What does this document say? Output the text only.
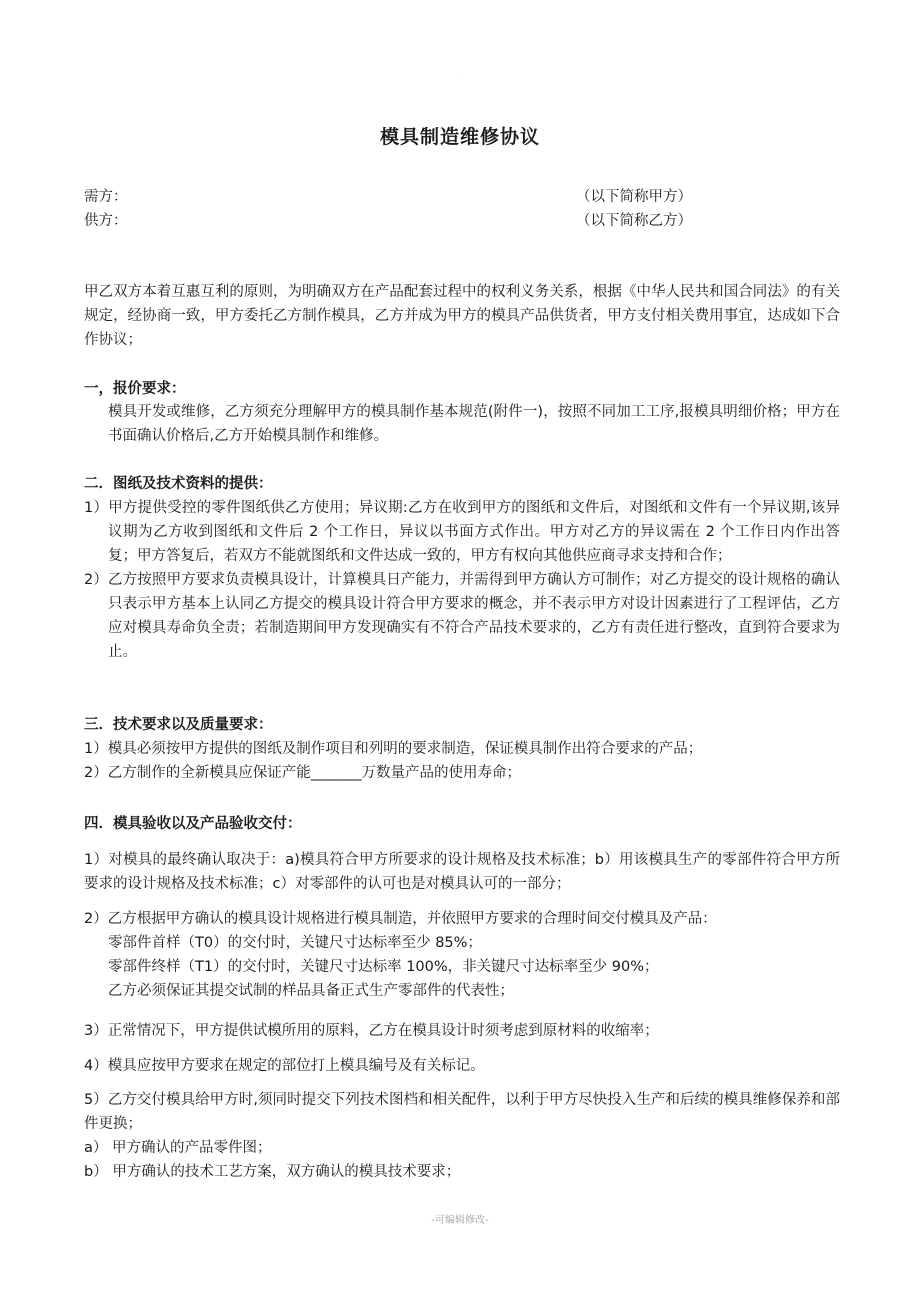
.
模具制造维修协议
需方：	（以下简称甲方）
供方：	（以下简称乙方）

甲乙双方本着互惠互利的原则，为明确双方在产品配套过程中的权利义务关系，根据《中华人民共和国合同法》的有关规定，经协商一致，甲方委托乙方制作模具，乙方并成为甲方的模具产品供货者，甲方支付相关费用事宜，达成如下合作协议；

一，报价要求：

模具开发或维修，乙方须充分理解甲方的模具制作基本规范(附件一)，按照不同加工工序,报模具明细价格；甲方在书面确认价格后,乙方开始模具制作和维修。

二．图纸及技术资料的提供：

1）甲方提供受控的零件图纸供乙方使用；异议期:乙方在收到甲方的图纸和文件后，对图纸和文件有一个异议期,该异议期为乙方收到图纸和文件后 2 个工作日，异议以书面方式作出。甲方对乙方的异议需在 2 个工作日内作出答复；甲方答复后，若双方不能就图纸和文件达成一致的，甲方有权向其他供应商寻求支持和合作；

2）乙方按照甲方要求负责模具设计，计算模具日产能力，并需得到甲方确认方可制作；对乙方提交的设计规格的确认只表示甲方基本上认同乙方提交的模具设计符合甲方要求的概念，并不表示甲方对设计因素进行了工程评估，乙方应对模具寿命负全责；若制造期间甲方发现确实有不符合产品技术要求的，乙方有责任进行整改，直到符合要求为止。

三．技术要求以及质量要求：

1）模具必须按甲方提供的图纸及制作项目和列明的要求制造，保证模具制作出符合要求的产品；

2）乙方制作的全新模具应保证产能_______万数量产品的使用寿命；

四．模具验收以及产品验收交付：

1）对模具的最终确认取决于：a)模具符合甲方所要求的设计规格及技术标准；b）用该模具生产的零部件符合甲方所要求的设计规格及技术标准；c）对零部件的认可也是对模具认可的一部分；

2）乙方根据甲方确认的模具设计规格进行模具制造，并依照甲方要求的合理时间交付模具及产品：

零部件首样（T0）的交付时，关键尺寸达标率至少 85%；

零部件终样（T1）的交付时，关键尺寸达标率 100%，非关键尺寸达标率至少 90%；

乙方必须保证其提交试制的样品具备正式生产零部件的代表性；

3）正常情况下，甲方提供试模所用的原料，乙方在模具设计时须考虑到原材料的收缩率；

4）模具应按甲方要求在规定的部位打上模具编号及有关标记。

5）乙方交付模具给甲方时,须同时提交下列技术图档和相关配件，以利于甲方尽快投入生产和后续的模具维修保养和部件更换；

a） 甲方确认的产品零件图；

b） 甲方确认的技术工艺方案，双方确认的模具技术要求；

-可编辑修改-
